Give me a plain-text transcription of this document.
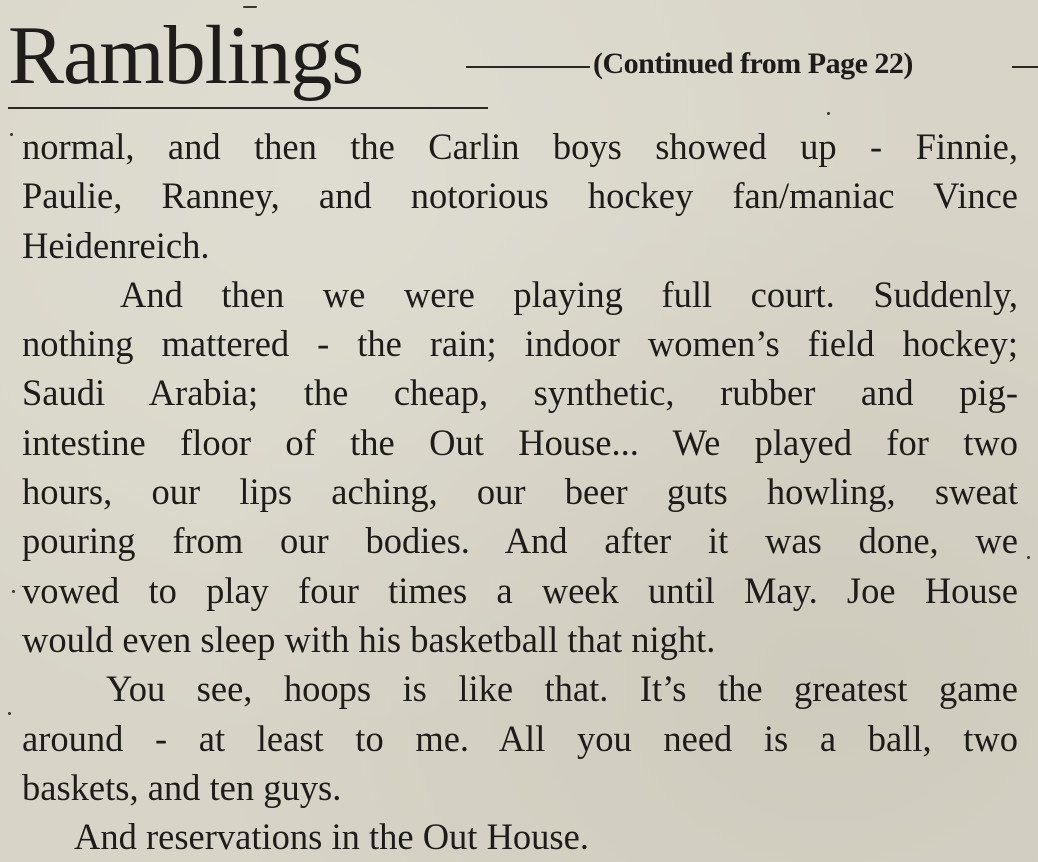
Ramblings	(Continued from Page 22)
normal, and then the Carlin boys showed up - Finnie,
Paulie, Ranney, and notorious hockey fan/maniac Vince
Heidenreich.
And then we were playing full court. Suddenly,
nothing mattered - the rain; indoor women’s field hockey;
Saudi Arabia; the cheap, synthetic, rubber and pig-
intestine floor of the Out House... We played for two
hours, our lips aching, our beer guts howling, sweat
pouring from our bodies. And after it was done, we
vowed to play four times a week until May. Joe House
would even sleep with his basketball that night.
You see, hoops is like that. It’s the greatest game
around - at least to me. All you need is a ball, two
baskets, and ten guys.
And reservations in the Out House.
